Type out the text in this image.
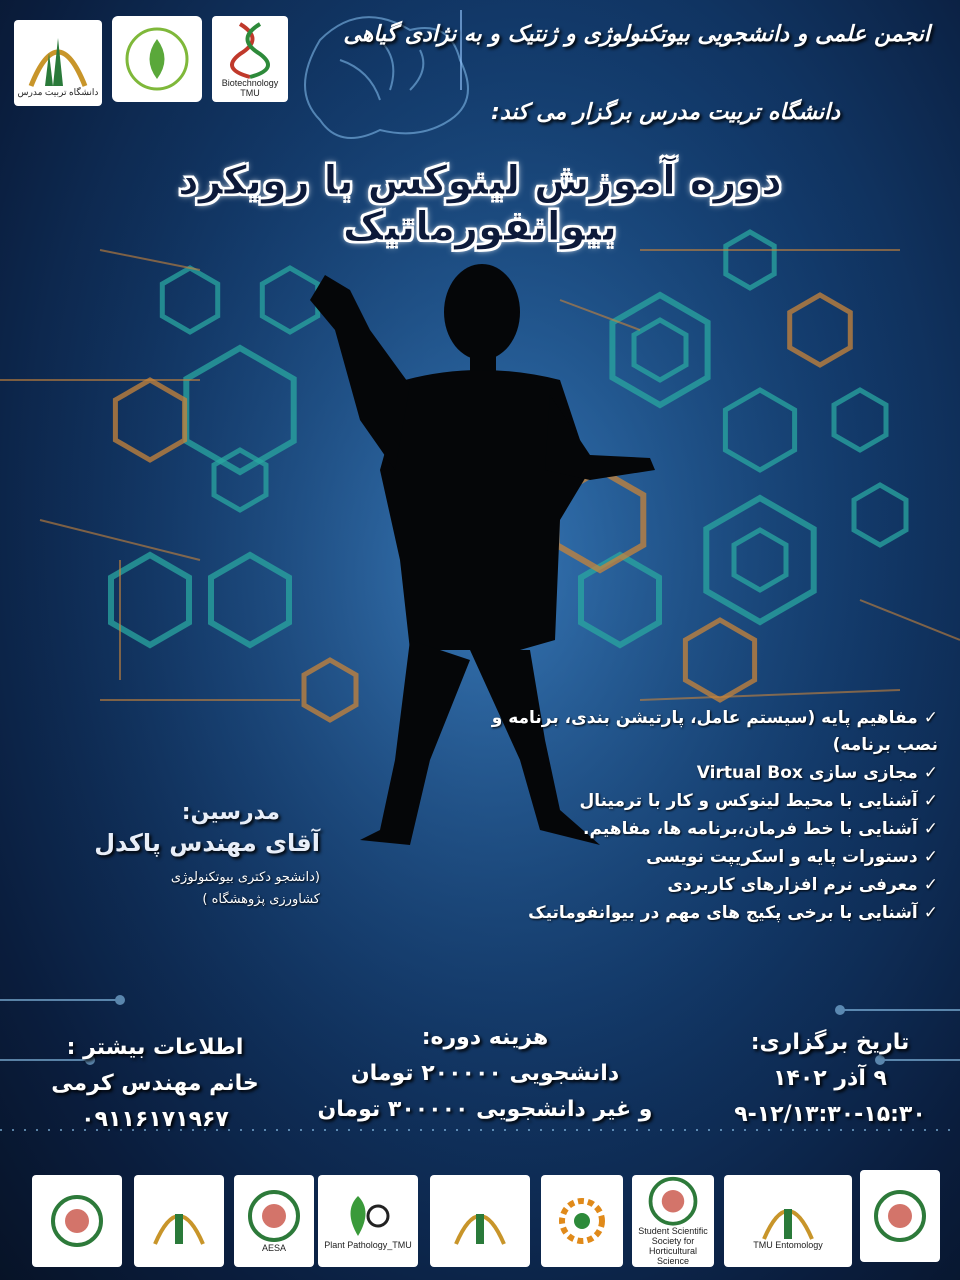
دانشگاه تربیت مدرس
Biotechnology TMU
انجمن علمی و دانشجویی بیوتکنولوژی و ژنتیک و به نژادی گیاهی
دانشگاه تربیت مدرس برگزار می کند:
دوره آموزش لینوکس با رویکرد بیوانفورماتیک
✓مفاهیم پایه (سیستم عامل، پارتیشن بندی، برنامه و نصب برنامه)
✓مجازی سازی Virtual Box
✓آشنایی با محیط لینوکس و کار با ترمینال
✓آشنایی با خط فرمان،برنامه ها، مفاهیم.
✓دستورات پایه و اسکریپت نویسی
✓معرفی نرم افزارهای کاربردی
✓آشنایی با برخی پکیج های مهم در بیوانفوماتیک
مدرسین:
آقای مهندس پاکدل
(دانشجو دکتری بیوتکنولوژی
کشاورزی پژوهشگاه )
تاریخ برگزاری:
۹ آذر ۱۴۰۲
۹-۱۲/۱۳:۳۰-۱۵:۳۰
هزینه دوره:
دانشجویی ۲۰۰۰۰۰ تومان
و غیر دانشجویی ۳۰۰۰۰۰ تومان
اطلاعات بیشتر :
خانم مهندس کرمی
۰۹۱۱۶۱۷۱۹۶۷
AESA	Plant Pathology_TMU
Student Scientific Society for Horticultural Science
TMU Entomology
